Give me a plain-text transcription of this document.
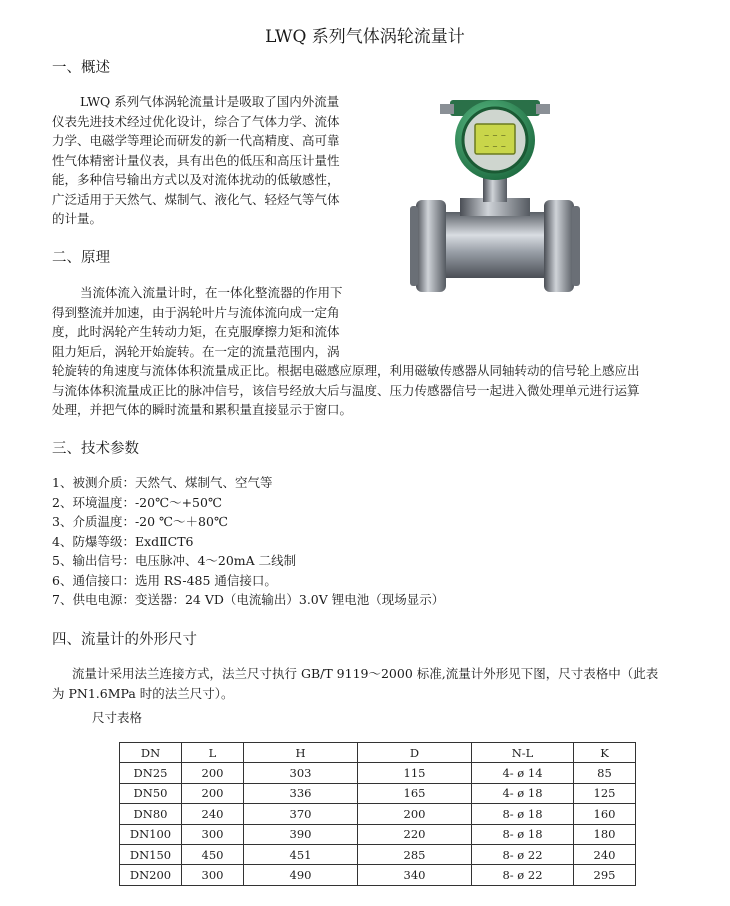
LWQ 系列气体涡轮流量计
一、概述
LWQ 系列气体涡轮流量计是吸取了国内外流量
仪表先进技术经过优化设计，综合了气体力学、流体
力学、电磁学等理论而研发的新一代高精度、高可靠
性气体精密计量仪表，具有出色的低压和高压计量性
能，多种信号输出方式以及对流体扰动的低敏感性，
广泛适用于天然气、煤制气、液化气、轻烃气等气体
的计量。
— — —
— — —
二、原理
当流体流入流量计时，在一体化整流器的作用下
得到整流并加速，由于涡轮叶片与流体流向成一定角
度，此时涡轮产生转动力矩，在克服摩擦力矩和流体
阻力矩后，涡轮开始旋转。在一定的流量范围内，涡
轮旋转的角速度与流体体积流量成正比。根据电磁感应原理，利用磁敏传感器从同轴转动的信号轮上感应出
与流体体积流量成正比的脉冲信号，该信号经放大后与温度、压力传感器信号一起进入微处理单元进行运算
处理，并把气体的瞬时流量和累积量直接显示于窗口。
三、技术参数
1、被测介质：天然气、煤制气、空气等
2、环境温度：-20℃～+50℃
3、介质温度：-20 ℃～＋80℃
4、防爆等级：ExdⅡCT6
5、输出信号：电压脉冲、4～20mA 二线制
6、通信接口：选用 RS-485 通信接口。
7、供电电源：变送器：24 VD（电流输出）3.0V 锂电池（现场显示）
四、流量计的外形尺寸
流量计采用法兰连接方式，法兰尺寸执行 GB/T 9119～2000 标准,流量计外形见下图，尺寸表格中（此表
为 PN1.6MPa 时的法兰尺寸）。
尺寸表格
DN	L	H	D	N-L	K
DN25	200	303	115	4- ø 14	85
DN50	200	336	165	4- ø 18	125
DN80	240	370	200	8- ø 18	160
DN100	300	390	220	8- ø 18	180
DN150	450	451	285	8- ø 22	240
DN200	300	490	340	8- ø 22	295
